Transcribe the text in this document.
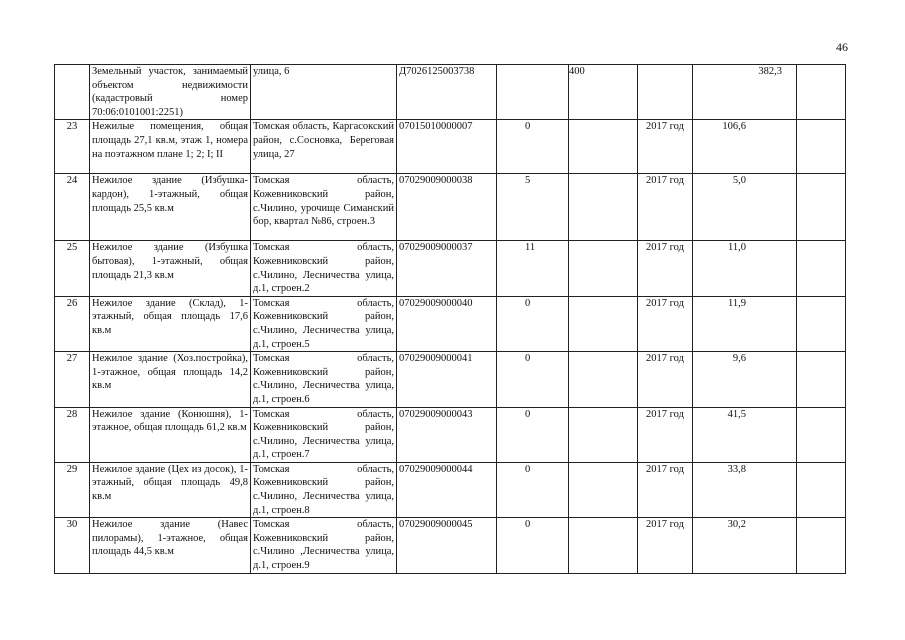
46
	Земельный участок, занимаемый объектом недвижимости (кадастровый номер 70:06:0101001:2251)	улица, 6	Д7026125003738		400		382,3	
23	Нежилые помещения, общая площадь 27,1 кв.м, этаж 1, номера на поэтажном плане 1; 2; I; II	Томская область, Каргасокский район, с.Сосновка, Береговая улица, 27	07015010000007	0		2017 год	106,6	
24	Нежилое здание (Избушка-кардон), 1-этажный, общая площадь 25,5 кв.м	Томская область, Кожевниковский район, с.Чилино, урочище Симанский бор, квартал №86, строен.3	07029009000038	5		2017 год	5,0	
25	Нежилое здание (Избушка бытовая), 1-этажный, общая площадь 21,3 кв.м	Томская область, Кожевниковский район, с.Чилино, Лесничества улица, д.1, строен.2	07029009000037	11		2017 год	11,0	
26	Нежилое здание (Склад), 1-этажный, общая площадь 17,6 кв.м	Томская область, Кожевниковский район, с.Чилино, Лесничества улица, д.1, строен.5	07029009000040	0		2017 год	11,9	
27	Нежилое здание (Хоз.постройка), 1-этажное, общая площадь 14,2 кв.м	Томская область, Кожевниковский район, с.Чилино, Лесничества улица, д.1, строен.6	07029009000041	0		2017 год	9,6	
28	Нежилое здание (Конюшня), 1-этажное, общая площадь 61,2 кв.м	Томская область, Кожевниковский район, с.Чилино, Лесничества улица, д.1, строен.7	07029009000043	0		2017 год	41,5	
29	Нежилое здание (Цех из досок), 1-этажный, общая площадь 49,8 кв.м	Томская область, Кожевниковский район, с.Чилино, Лесничества улица, д.1, строен.8	07029009000044	0		2017 год	33,8	
30	Нежилое здание (Навес пилорамы), 1-этажное, общая площадь 44,5 кв.м	Томская область, Кожевниковский район, с.Чилино ,Лесничества улица, д.1, строен.9	07029009000045	0		2017 год	30,2	
